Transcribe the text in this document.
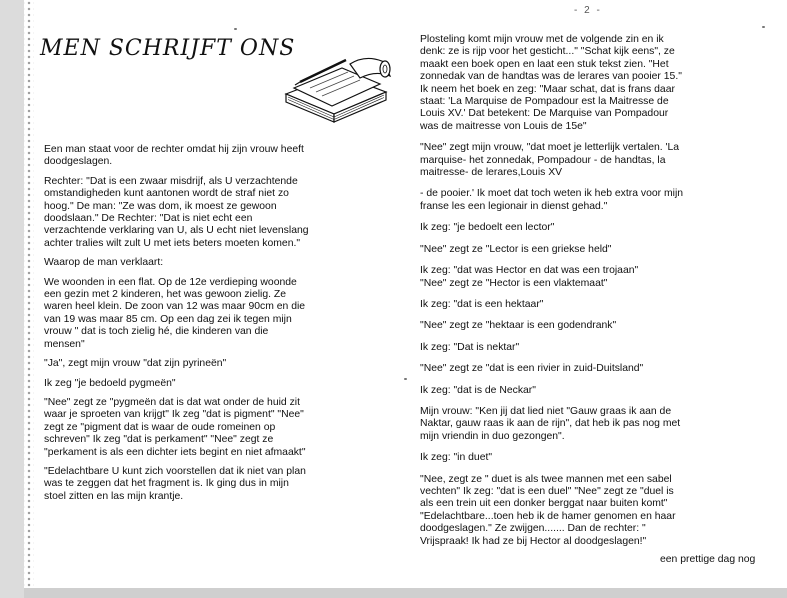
- 2 -
MEN SCHRIJFT ONS

Een man staat voor de rechter omdat hij zijn vrouw heeft
doodgeslagen.

Rechter: "Dat is een zwaar misdrijf, als U verzachtende
omstandigheden kunt aantonen wordt de straf niet zo
hoog." De man: "Ze was dom, ik moest ze gewoon
doodslaan." De Rechter: "Dat is niet echt een
verzachtende verklaring van U, als U echt niet levenslang
achter tralies wilt zult U met iets beters moeten komen."

Waarop de man verklaart:

We woonden in een flat. Op de 12e verdieping woonde
een gezin met 2 kinderen, het was gewoon zielig. Ze
waren heel klein. De zoon van 12 was maar 90cm en die
van 19 was maar 85 cm. Op een dag zei ik tegen mijn
vrouw " dat is toch zielig hé, die kinderen van die
mensen"

"Ja", zegt mijn vrouw "dat zijn pyrineën"

Ik zeg "je bedoeld pygmeën"

"Nee" zegt ze "pygmeën dat is dat wat onder de huid zit
waar je sproeten van krijgt" Ik zeg "dat is pigment" "Nee"
zegt ze "pigment dat is waar de oude romeinen op
schreven" Ik zeg "dat is perkament" "Nee" zegt ze
"perkament is als een dichter iets begint en niet afmaakt"

"Edelachtbare U kunt zich voorstellen dat ik niet van plan
was te zeggen dat het fragment is. Ik ging dus in mijn
stoel zitten en las mijn krantje.

Plosteling komt mijn vrouw met de volgende zin en ik
denk: ze is rijp voor het gesticht..." "Schat kijk eens", ze
maakt een boek open en laat een stuk tekst zien. "Het
zonnedak van de handtas was de lerares van pooier 15."
Ik neem het boek en zeg: "Maar schat, dat is frans daar
staat: 'La Marquise de Pompadour est la Maitresse de
Louis XV.' Dat betekent: De Marquise van Pompadour
was de maitresse von Louis de 15e"

"Nee" zegt mijn vrouw, "dat moet je letterlijk vertalen. 'La
marquise- het zonnedak, Pompadour - de handtas, la
maitresse- de lerares,Louis XV

- de pooier.' Ik moet dat toch weten ik heb extra voor mijn
franse les een legionair in dienst gehad."

Ik zeg: "je bedoelt een lector"

"Nee" zegt ze "Lector is een griekse held"

Ik zeg: "dat was Hector en dat was een trojaan"
"Nee" zegt ze "Hector is een vlaktemaat"

Ik zeg: "dat is een hektaar"

"Nee" zegt ze "hektaar is een godendrank"

Ik zeg: "Dat is nektar"

"Nee" zegt ze "dat is een rivier in zuid-Duitsland"

Ik zeg: "dat is de Neckar"

Mijn vrouw: "Ken jij dat lied niet "Gauw graas ik aan de
Naktar, gauw raas ik aan de rijn", dat heb ik pas nog met
mijn vriendin in duo gezongen".

Ik zeg: "in duet"

"Nee, zegt ze " duet is als twee mannen met een sabel
vechten" Ik zeg: "dat is een duel" "Nee" zegt ze "duel is
als een trein uit een donker berggat naar buiten komt"
"Edelachtbare...toen heb ik de hamer genomen en haar
doodgeslagen." Ze zwijgen....... Dan de rechter: "
Vrijspraak! Ik had ze bij Hector al doodgeslagen!"

een prettige dag nog
